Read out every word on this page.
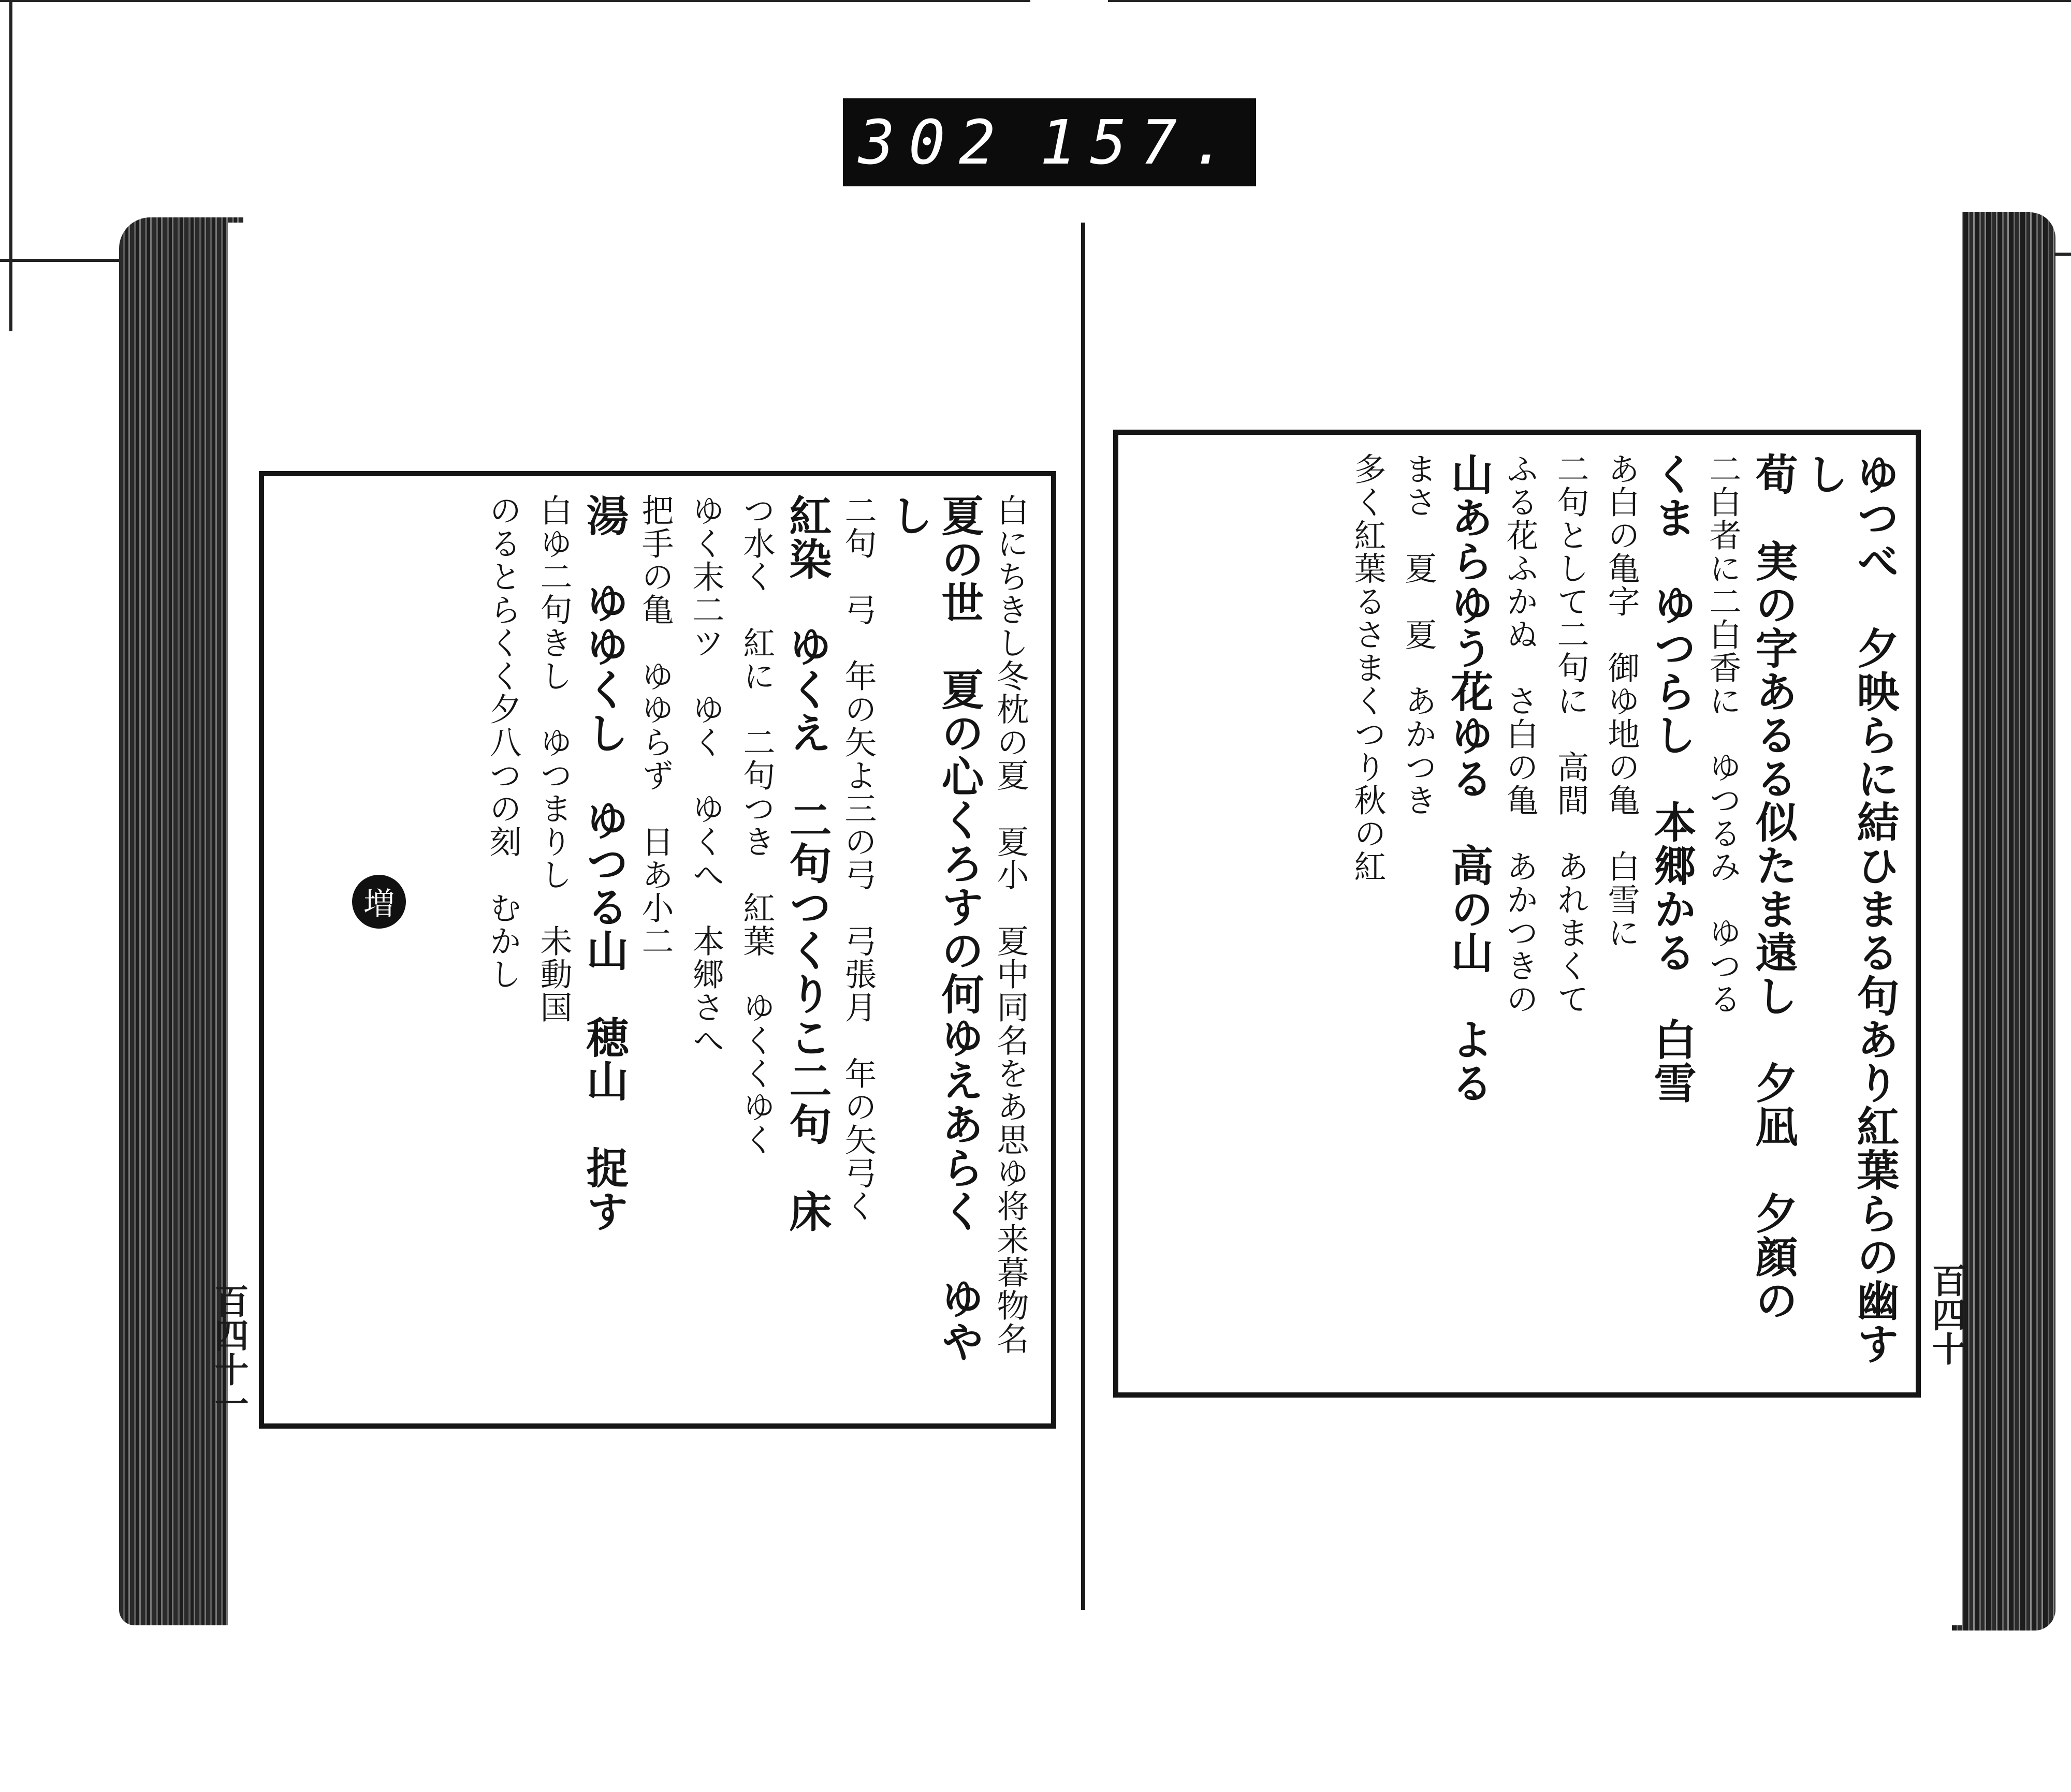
302 157.

白にちきし冬枕の夏　夏小　夏中同名をあ思ゆ将来暮物名

夏の世　夏の心くろすの何ゆえあらく　ゆやし

二句　弓　年の矢よ三の弓　弓張月　年の矢弓く

紅染　ゆくえ　二句つくりこ二句　床

つ水く　紅に　二句つき　紅葉　ゆくくゆく

ゆく末二ツ　ゆく　ゆくへ　本郷さへ

把手の亀　ゆゆらず　日あ小二

湯　ゆゆくし　ゆつる山　穂山　捉す

白ゆ二句きし　ゆつまりし　未動国

のるとらくく夕八つの刻　むかし

増	ゆつべ　夕映らに結ひまる句あり紅葉らの幽すし

荀　実の字あるる似たま遠し　夕凪　夕顔の

二白者に二白香に　ゆつるみ　ゆつる

くま　ゆつらし　本郷かる　白雪

あ白の亀字　御ゆ地の亀　白雪に

二句として二句に　高間　あれまくて

ふる花ふかぬ　さ白の亀　あかつきの

山あらゆう花ゆる　高の山　よる

まさ　夏　夏　あかつき

多く紅葉るさまくつり秋の紅

百四十一	百四十
